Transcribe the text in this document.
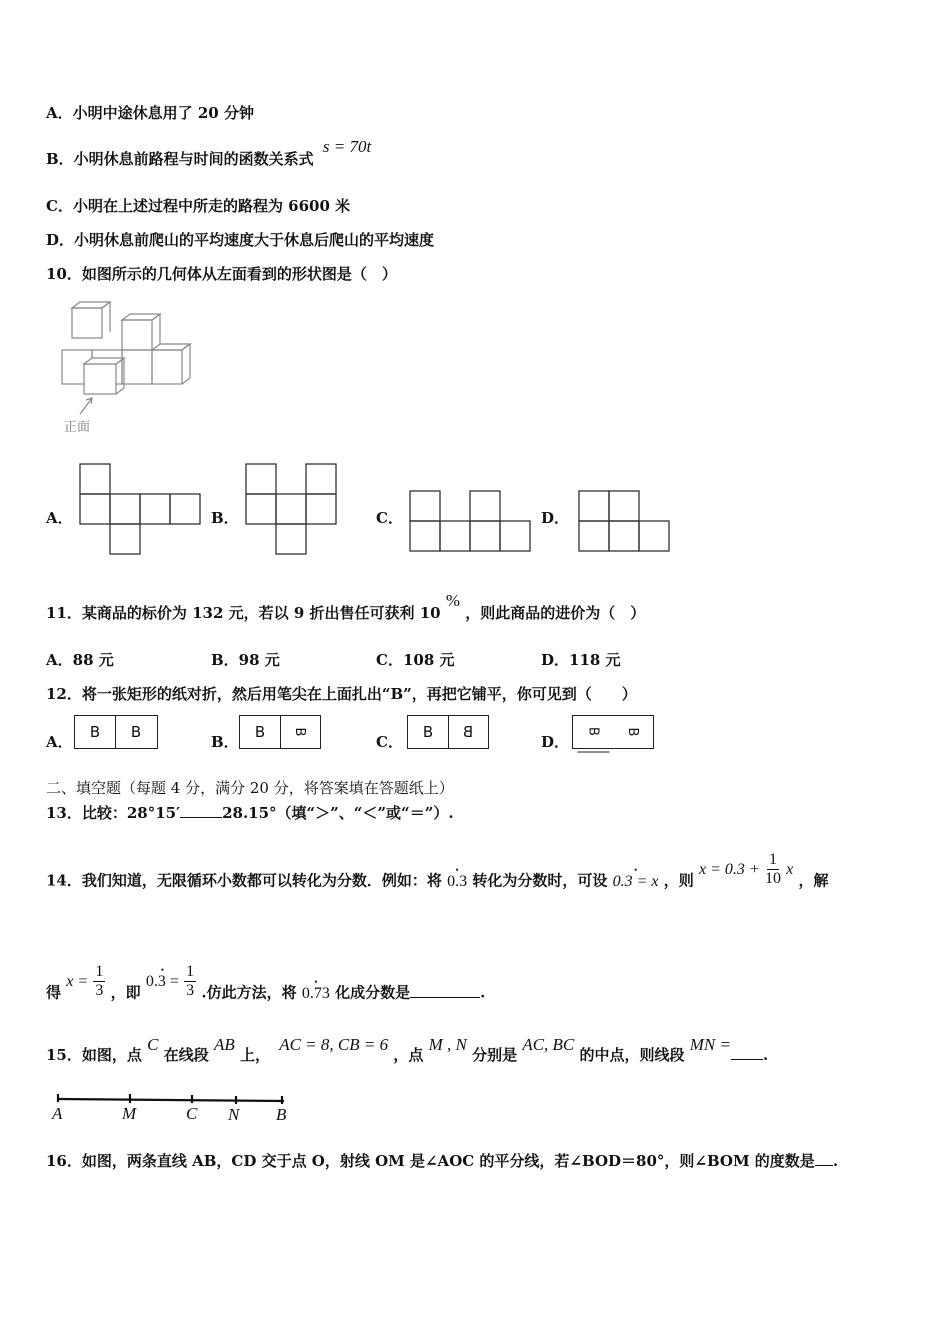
A．小明中途休息用了 20 分钟
B．小明休息前路程与时间的函数关系式 s = 70t
C．小明在上述过程中所走的路程为 6600 米
D．小明休息前爬山的平均速度大于休息后爬山的平均速度
10．如图所示的几何体从左面看到的形状图是（　）
正面
A．	B．	C．	D．
11．某商品的标价为 132 元，若以 9 折出售任可获利 10 % ，则此商品的进价为（　）
A．88 元	B．98 元	C．108 元	D．118 元
12．将一张矩形的纸对折，然后用笔尖在上面扎出“B”，再把它铺平，你可见到（　　）
A．
B	B
B．
B	B
C．
B	B
D．
B	B
二、填空题（每题 4 分，满分 20 分，将答案填在答题纸上）
13．比较：28°15′	28.15°（填“＞”、“＜”或“＝”）.
14．我们知道，无限循环小数都可以转化为分数．例如：将 • 0.3 转化为分数时，可设 • 0.3 = x ，则 $x = 0.3 + \frac{1}{10}$ x ，解
得 $x = \frac{1}{3}$ ，即 • $0.3 = \frac{1}{3}$ .仿此方法，将 • 0.73 化成分数是	.
15．如图，点 C 在线段 AB 上， AC = 8, CB = 6 ，点 M , N 分别是 AC, BC 的中点，则线段 MN =.
A	M	C N B
16．如图，两条直线 AB，CD 交于点 O，射线 OM 是∠AOC 的平分线，若∠BOD＝80°，则∠BOM 的度数是 .
